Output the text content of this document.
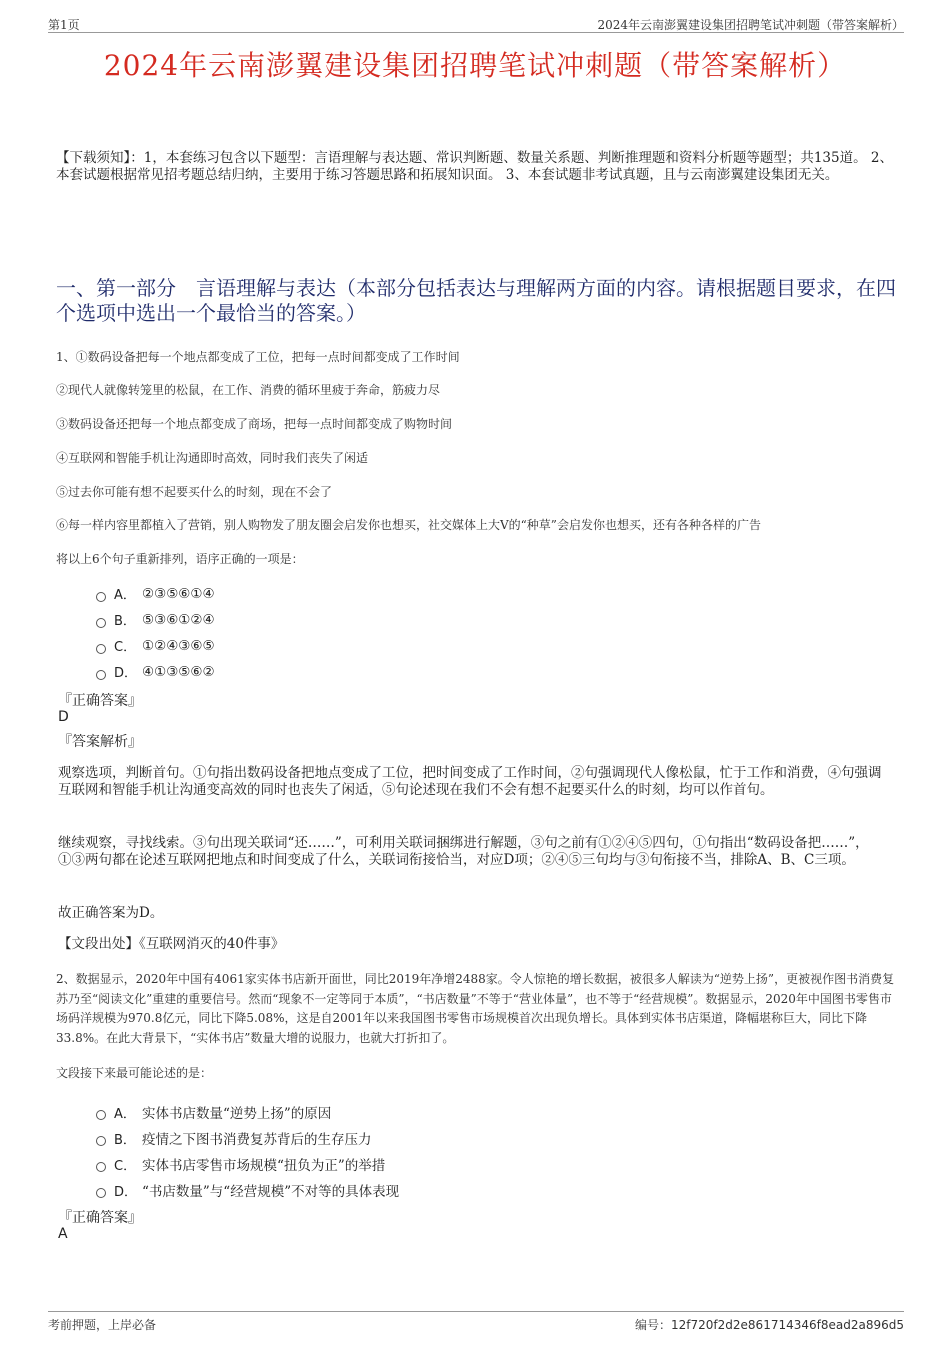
第1页	2024年云南澎翼建设集团招聘笔试冲刺题（带答案解析）
2024年云南澎翼建设集团招聘笔试冲刺题（带答案解析）
【下载须知】：1，本套练习包含以下题型：言语理解与表达题、常识判断题、数量关系题、判断推理题和资料分析题等题型；共135道。 2、本套试题根据常见招考题总结归纳，主要用于练习答题思路和拓展知识面。 3、本套试题非考试真题，且与云南澎翼建设集团无关。
一、第一部分　言语理解与表达（本部分包括表达与理解两方面的内容。请根据题目要求，在四个选项中选出一个最恰当的答案。）
1、①数码设备把每一个地点都变成了工位，把每一点时间都变成了工作时间
②现代人就像转笼里的松鼠，在工作、消费的循环里疲于奔命，筋疲力尽
③数码设备还把每一个地点都变成了商场，把每一点时间都变成了购物时间
④互联网和智能手机让沟通即时高效，同时我们丧失了闲适
⑤过去你可能有想不起要买什么的时刻，现在不会了
⑥每一样内容里都植入了营销，别人购物发了朋友圈会启发你也想买，社交媒体上大V的“种草”会启发你也想买，还有各种各样的广告
将以上6个句子重新排列，语序正确的一项是：
A． ②③⑤⑥①④
B． ⑤③⑥①②④
C． ①②④③⑥⑤
D． ④①③⑤⑥②
『正确答案』
D
『答案解析』
观察选项，判断首句。①句指出数码设备把地点变成了工位，把时间变成了工作时间，②句强调现代人像松鼠，忙于工作和消费，④句强调互联网和智能手机让沟通变高效的同时也丧失了闲适，⑤句论述现在我们不会有想不起要买什么的时刻，均可以作首句。
继续观察，寻找线索。③句出现关联词“还……”，可利用关联词捆绑进行解题，③句之前有①②④⑤四句，①句指出“数码设备把……”，①③两句都在论述互联网把地点和时间变成了什么，关联词衔接恰当，对应D项；②④⑤三句均与③句衔接不当，排除A、B、C三项。
故正确答案为D。
【文段出处】《互联网消灭的40件事》
2、数据显示，2020年中国有4061家实体书店新开面世，同比2019年净增2488家。令人惊艳的增长数据，被很多人解读为“逆势上扬”，更被视作图书消费复苏乃至“阅读文化”重建的重要信号。然而“现象不一定等同于本质”，“书店数量”不等于“营业体量”，也不等于“经营规模”。数据显示，2020年中国图书零售市场码洋规模为970.8亿元，同比下降5.08%，这是自2001年以来我国图书零售市场规模首次出现负增长。具体到实体书店渠道，降幅堪称巨大，同比下降33.8%。在此大背景下，“实体书店”数量大增的说服力，也就大打折扣了。
文段接下来最可能论述的是：
A． 实体书店数量“逆势上扬”的原因
B． 疫情之下图书消费复苏背后的生存压力
C． 实体书店零售市场规模“扭负为正”的举措
D． “书店数量”与“经营规模”不对等的具体表现
『正确答案』
A
考前押题，上岸必备	编号：12f720f2d2e861714346f8ead2a896d5
